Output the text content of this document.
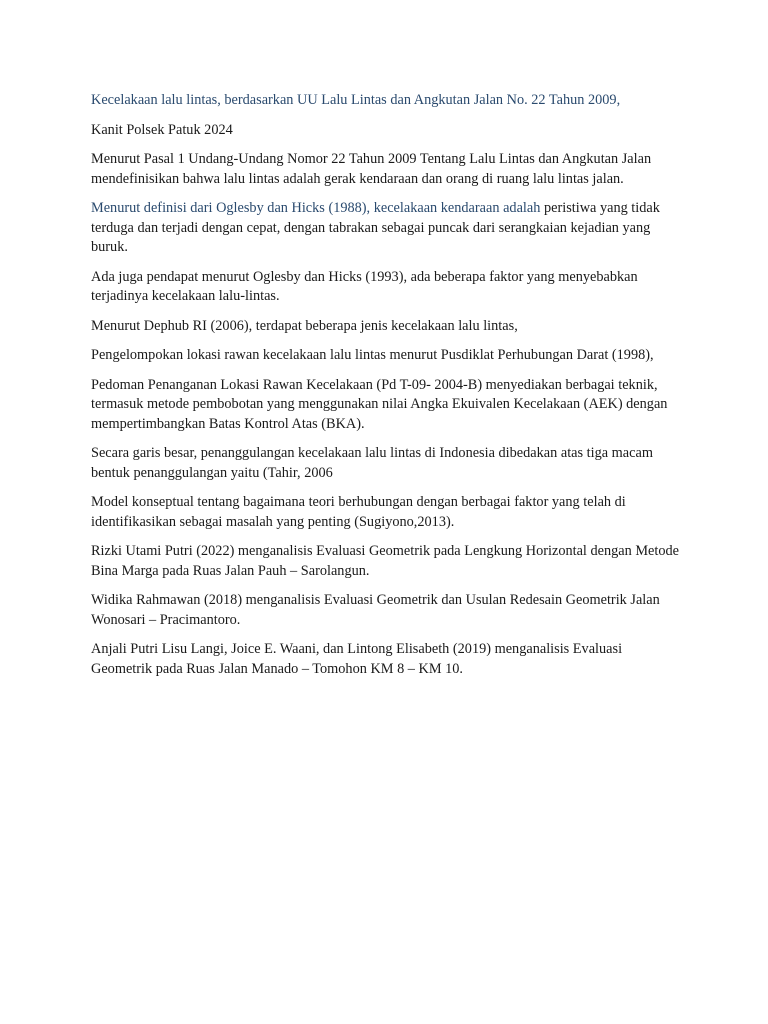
Kecelakaan lalu lintas, berdasarkan UU Lalu Lintas dan Angkutan Jalan No. 22 Tahun 2009,

Kanit Polsek Patuk 2024

Menurut Pasal 1 Undang-Undang Nomor 22 Tahun 2009 Tentang Lalu Lintas dan Angkutan Jalan mendefinisikan bahwa lalu lintas adalah gerak kendaraan dan orang di ruang lalu lintas jalan.

Menurut definisi dari Oglesby dan Hicks (1988), kecelakaan kendaraan adalah peristiwa yang tidak terduga dan terjadi dengan cepat, dengan tabrakan sebagai puncak dari serangkaian kejadian yang buruk.

Ada juga pendapat menurut Oglesby dan Hicks (1993), ada beberapa faktor yang menyebabkan terjadinya kecelakaan lalu-lintas.

Menurut Dephub RI (2006), terdapat beberapa jenis kecelakaan lalu lintas,

Pengelompokan lokasi rawan kecelakaan lalu lintas menurut Pusdiklat Perhubungan Darat (1998),

Pedoman Penanganan Lokasi Rawan Kecelakaan (Pd T-09- 2004-B) menyediakan berbagai teknik, termasuk metode pembobotan yang menggunakan nilai Angka Ekuivalen Kecelakaan (AEK) dengan mempertimbangkan Batas Kontrol Atas (BKA).

Secara garis besar, penanggulangan kecelakaan lalu lintas di Indonesia dibedakan atas tiga macam bentuk penanggulangan yaitu (Tahir, 2006

Model konseptual tentang bagaimana teori berhubungan dengan berbagai faktor yang telah di identifikasikan sebagai masalah yang penting (Sugiyono,2013).

Rizki Utami Putri (2022) menganalisis Evaluasi Geometrik pada Lengkung Horizontal dengan Metode Bina Marga pada Ruas Jalan Pauh – Sarolangun.

Widika Rahmawan (2018) menganalisis Evaluasi Geometrik dan Usulan Redesain Geometrik Jalan Wonosari – Pracimantoro.

Anjali Putri Lisu Langi, Joice E. Waani, dan Lintong Elisabeth (2019) menganalisis Evaluasi Geometrik pada Ruas Jalan Manado – Tomohon KM 8 – KM 10.
